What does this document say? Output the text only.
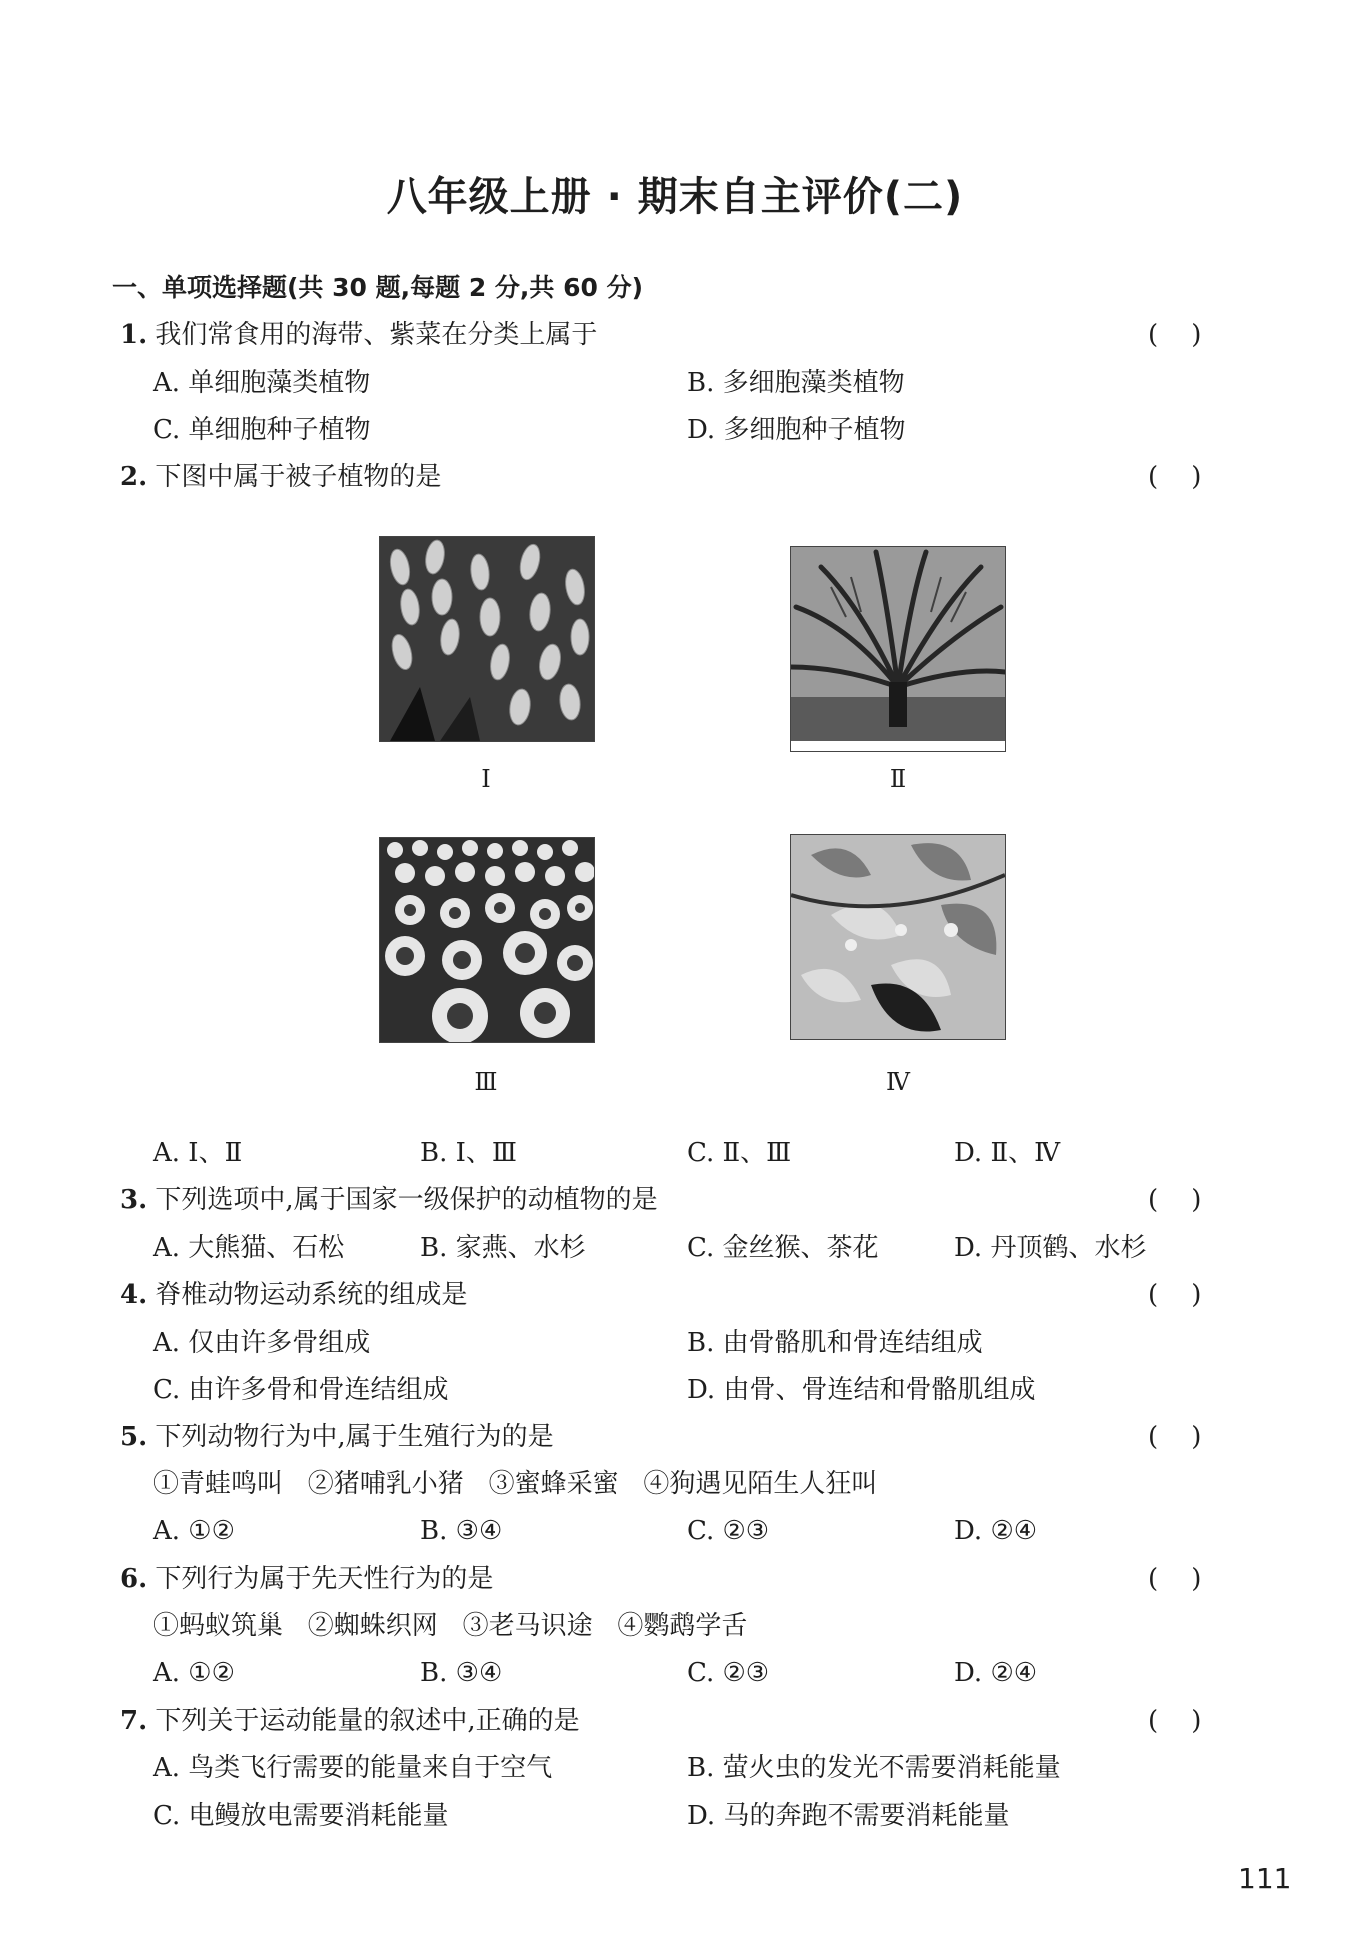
八年级上册 · 期末自主评价(二)
一、单项选择题(共 30 题,每题 2 分,共 60 分)
1. 我们常食用的海带、紫菜在分类上属于	(    )
A. 单细胞藻类植物	B. 多细胞藻类植物
C. 单细胞种子植物	D. 多细胞种子植物
2. 下图中属于被子植物的是	(    )
Ⅰ	Ⅱ
Ⅲ	Ⅳ
A. Ⅰ、Ⅱ	B. Ⅰ、Ⅲ	C. Ⅱ、Ⅲ	D. Ⅱ、Ⅳ
3. 下列选项中,属于国家一级保护的动植物的是	(    )
A. 大熊猫、石松	B. 家燕、水杉	C. 金丝猴、茶花	D. 丹顶鹤、水杉
4. 脊椎动物运动系统的组成是	(    )
A. 仅由许多骨组成	B. 由骨骼肌和骨连结组成
C. 由许多骨和骨连结组成	D. 由骨、骨连结和骨骼肌组成
5. 下列动物行为中,属于生殖行为的是	(    )
①青蛙鸣叫   ②猪哺乳小猪   ③蜜蜂采蜜   ④狗遇见陌生人狂叫
A. ①②	B. ③④	C. ②③	D. ②④
6. 下列行为属于先天性行为的是	(    )
①蚂蚁筑巢   ②蜘蛛织网   ③老马识途   ④鹦鹉学舌
A. ①②	B. ③④	C. ②③	D. ②④
7. 下列关于运动能量的叙述中,正确的是	(    )
A. 鸟类飞行需要的能量来自于空气	B. 萤火虫的发光不需要消耗能量
C. 电鳗放电需要消耗能量	D. 马的奔跑不需要消耗能量
111
